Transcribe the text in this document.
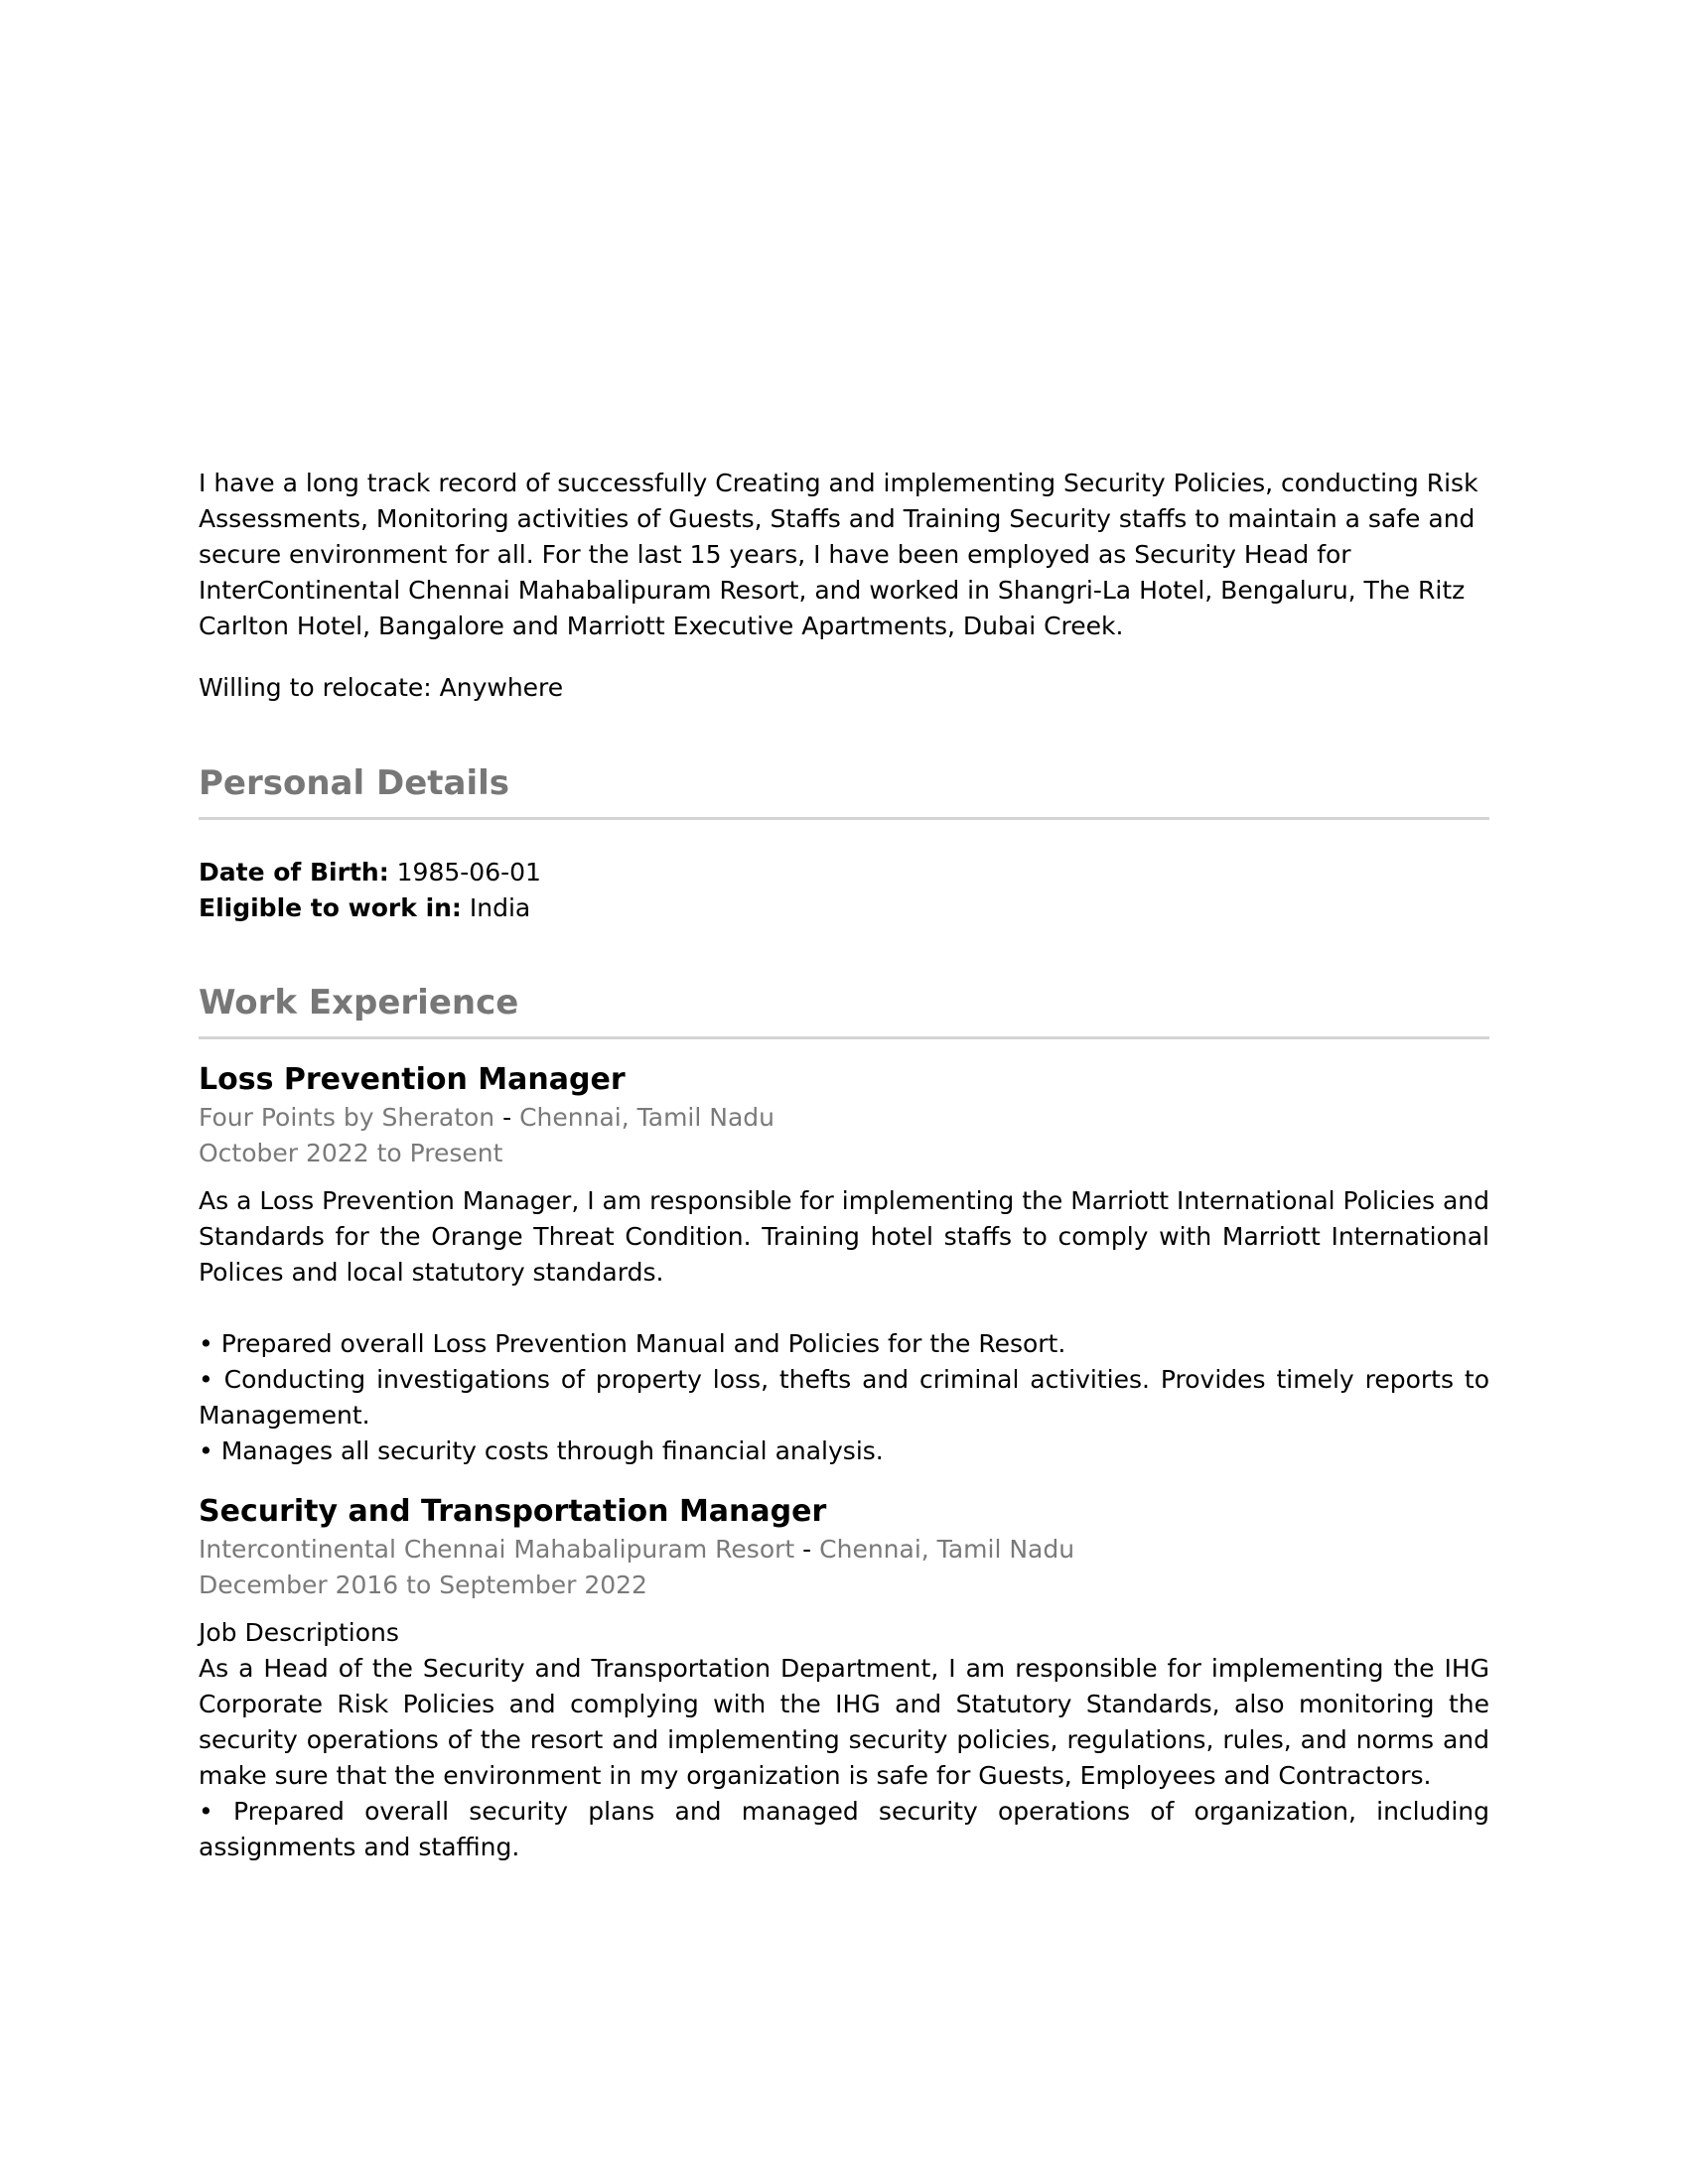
I have a long track record of successfully Creating and implementing Security Policies, conducting Risk Assessments, Monitoring activities of Guests, Staffs and Training Security staffs to maintain a safe and secure environment for all. For the last 15 years, I have been employed as Security Head for InterContinental Chennai Mahabalipuram Resort, and worked in Shangri-La Hotel, Bengaluru, The Ritz Carlton Hotel, Bangalore and Marriott Executive Apartments, Dubai Creek.

Willing to relocate: Anywhere

Personal Details
Date of Birth: 1985-06-01
Eligible to work in: India
Work Experience
Loss Prevention Manager
Four Points by Sheraton - Chennai, Tamil Nadu
October 2022 to Present

As a Loss Prevention Manager, I am responsible for implementing the Marriott International Policies and Standards for the Orange Threat Condition. Training hotel staffs to comply with Marriott International Polices and local statutory standards.

• Prepared overall Loss Prevention Manual and Policies for the Resort.

• Conducting investigations of property loss, thefts and criminal activities. Provides timely reports to Management.

• Manages all security costs through financial analysis.

Security and Transportation Manager
Intercontinental Chennai Mahabalipuram Resort - Chennai, Tamil Nadu
December 2016 to September 2022

Job Descriptions

As a Head of the Security and Transportation Department, I am responsible for implementing the IHG Corporate Risk Policies and complying with the IHG and Statutory Standards, also monitoring the security operations of the resort and implementing security policies, regulations, rules, and norms and make sure that the environment in my organization is safe for Guests, Employees and Contractors.

• Prepared overall security plans and managed security operations of organization, including assignments and staffing.
